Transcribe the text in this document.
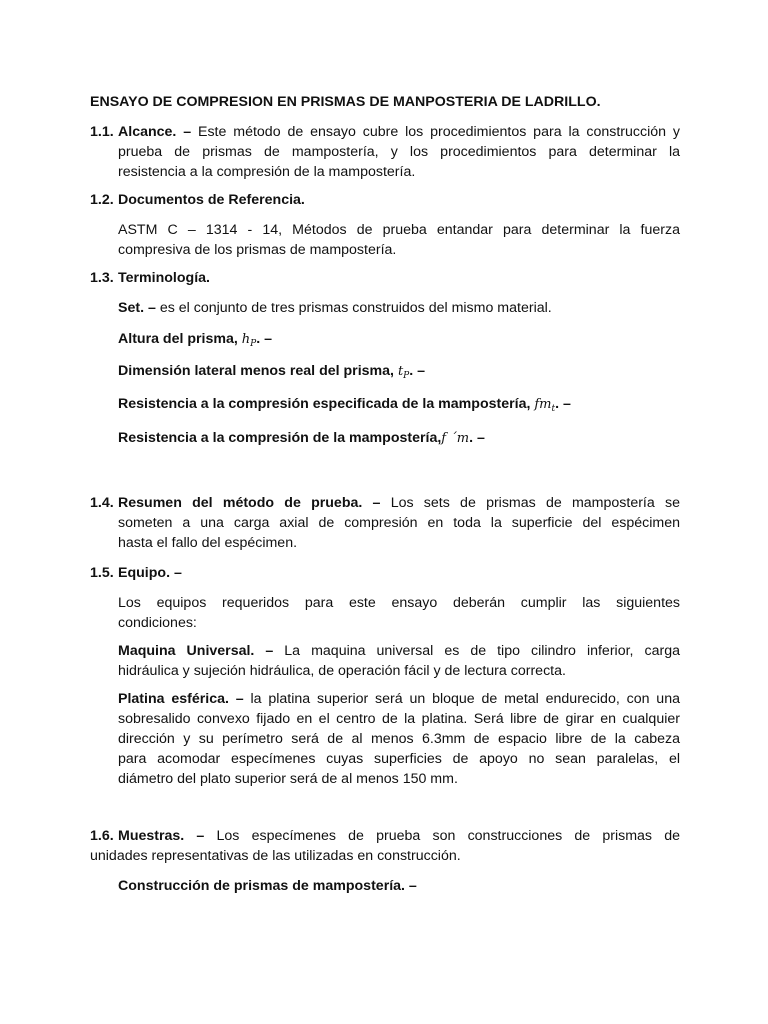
ENSAYO DE COMPRESION EN PRISMAS DE MANPOSTERIA DE LADRILLO.
1.1. Alcance. – Este método de ensayo cubre los procedimientos para la construcción y
prueba de prismas de mampostería, y los procedimientos para determinar la
resistencia a la compresión de la mampostería.
1.2. Documentos de Referencia.
ASTM C – 1314 - 14, Métodos de prueba entandar para determinar la fuerza
compresiva de los prismas de mampostería.
1.3. Terminología.
Set. – es el conjunto de tres prismas construidos del mismo material.
Altura del prisma, $h_P$. –
Dimensión lateral menos real del prisma, $t_P$. –
Resistencia a la compresión especificada de la mampostería, $fm_t$. –
Resistencia a la compresión de la mampostería,f ´m. –
1.4. Resumen del método de prueba. – Los sets de prismas de mampostería se
someten a una carga axial de compresión en toda la superficie del espécimen
hasta el fallo del espécimen.
1.5. Equipo. –
Los equipos requeridos para este ensayo deberán cumplir las siguientes
condiciones:
Maquina Universal. – La maquina universal es de tipo cilindro inferior, carga
hidráulica y sujeción hidráulica, de operación fácil y de lectura correcta.
Platina esférica. – la platina superior será un bloque de metal endurecido, con una
sobresalido convexo fijado en el centro de la platina. Será libre de girar en cualquier
dirección y su perímetro será de al menos 6.3mm de espacio libre de la cabeza
para acomodar especímenes cuyas superficies de apoyo no sean paralelas, el
diámetro del plato superior será de al menos 150 mm.
1.6. Muestras. – Los especímenes de prueba son construcciones de prismas de
unidades representativas de las utilizadas en construcción.
Construcción de prismas de mampostería. –
